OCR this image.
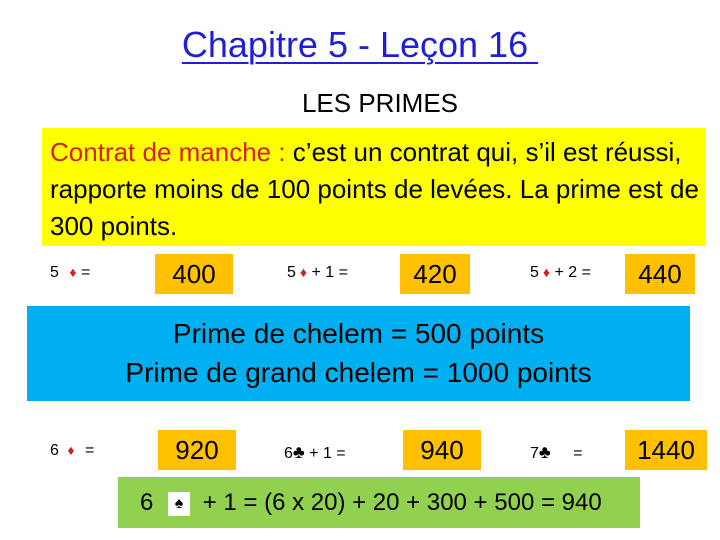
Chapitre 5 - Leçon 16
LES PRIMES
Contrat de manche : c’est un contrat qui, s’il est réussi, rapporte moins de 100 points de levées. La prime est de 300 points.
5 ♦ =	400	5 ♦ + 1 =	420	5 ♦ + 2 =	440
Prime de chelem = 500 points
Prime de grand chelem = 1000 points
6 ♦ =	920	6♣ + 1 =	940	7♣ =	1440
6 ♠ + 1 = (6 x 20) + 20 + 300 + 500 = 940
